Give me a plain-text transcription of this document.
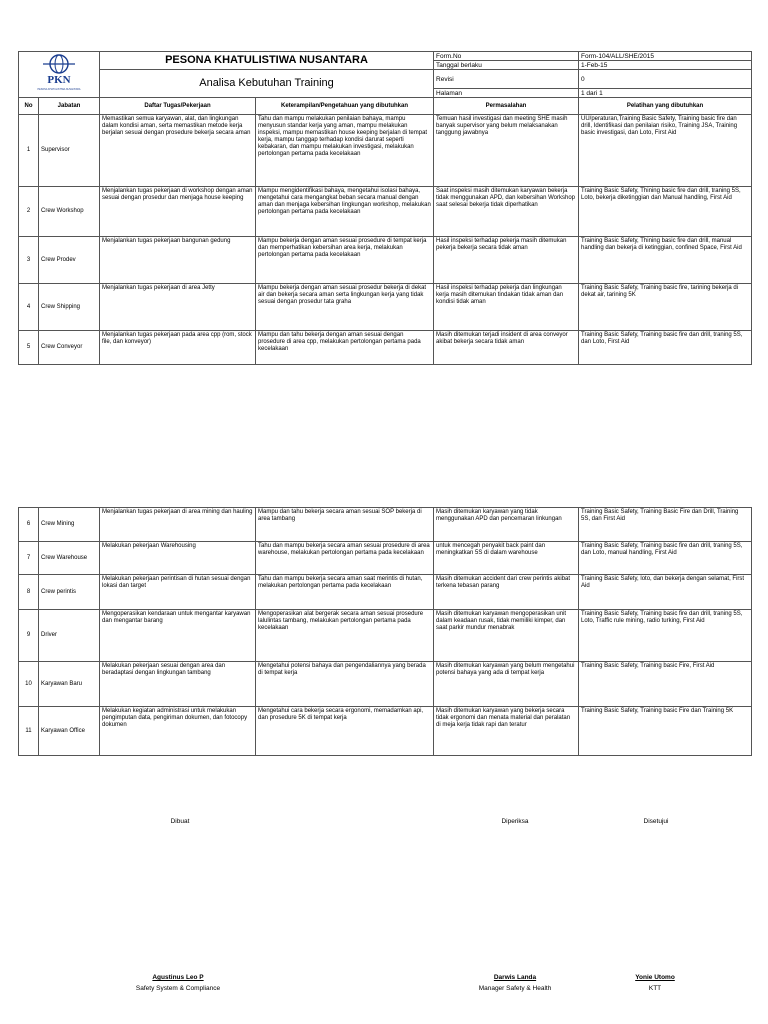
PKN
PESONA KHATULISTIWA NUSANTARA		PESONA KHATULISTIWA NUSANTARA		Form.No	Form-104/ALL/SHE/2015
				Tanggal berlaku	1-Feb-15
		Analisa Kebutuhan Training		Revisi	0
				Halaman	1 dari 1
No	Jabatan	Daftar Tugas/Pekerjaan	Keterampilan/Pengetahuan yang dibutuhkan	Permasalahan	Pelatihan yang dibutuhkan
1	Supervisor	Memastikan semua karyawan, alat, dan lingkungan dalam kondisi aman, serta memastikan metode kerja berjalan sesuai dengan prosedure bekerja secara aman	Tahu dan mampu melakukan penilaian bahaya, mampu menyusun standar kerja yang aman, mampu melakukan inspeksi, mampu memastikan house keeping berjalan di tempat kerja, mampu tanggap terhadap kondisi darurat seperti kebakaran, dan mampu melakukan investigasi, melakukan pertolongan pertama pada kecelakaan	Temuan hasil investigasi dan meeting SHE masih banyak supervisor yang belum melaksanakan tanggung jawabnya	UU/peraturan,Training Basic Safety, Training basic fire dan drill, Identifikasi dan penilaian risiko, Training JSA, Training basic investigasi, dan Loto, First Aid
2	Crew Workshop	Menjalankan tugas pekerjaan di workshop dengan aman sesuai dengan prosedur dan menjaga house keeping	Mampu mengidentifikasi bahaya, mengetahui isolasi bahaya, mengetahui cara mengangkat beban secara manual dengan aman dan menjaga kebersihan lingkungan workshop, melakukan pertolongan pertama pada kecelakaan	Saat inspeksi masih ditemukan karyawan bekerja tidak menggunakan APD, dan kebersihan Workshop saat selesai bekerja tidak diperhatikan	Training Basic Safety, Thining basic fire dan drill, traning 5S, Loto, bekerja diketinggian dan Manual handling, First Aid
3	Crew Prodev	Menjalankan tugas pekerjaan bangunan gedung	Mampu bekerja dengan aman sesuai prosedure di tempat kerja dan memperhatikan kebersihan area kerja, melakukan pertolongan pertama pada kecelakaan	Hasil inspeksi terhadap pekerja masih ditemukan pekerja bekerja secara tidak aman	Training Basic Safety, Thining basic fire dan drill, manual handling dan bekerja di ketinggian, confined Space, First Aid
4	Crew Shipping	Menjalankan tugas pekerjaan di area Jetty	Mampu bekerja dengan aman sesuai prosedur bekerja di dekat air dan bekerja secara aman serta lingkungan kerja yang tidak sesuai dengan prosedur tata graha	Hasil inspeksi terhadap pekerja dan lingkungan kerja masih ditemukan tindakan tidak aman dan kondisi tidak aman	Training Basic Safety, Training basic fire, tarining bekerja di dekat air, tarining 5K
5	Crew Conveyor	Menjalankan tugas pekerjaan pada area cpp (rom, stock file, dan konveyor)	Mampu dan tahu bekerja dengan aman sesuai dengan prosedure di area cpp, melakukan pertolongan pertama pada kecelakaan	Masih ditemukan terjadi insident di area conveyor akibat bekerja secara tidak aman	Training Basic Safety, Training basic fire dan drill, traning 5S, dan Loto, First Aid
6	Crew Mining	Menjalankan tugas pekerjaan di area mining dan hauling	Mampu dan tahu bekerja secara aman sesuai SOP bekerja di area tambang	Masih ditemukan karyawan yang tidak menggunakan APD dan pencemaran linkungan	Training Basic Safety, Training Basic Fire dan Drill, Training 5S, dan First Aid
7	Crew Warehouse	Melakukan pekerjaan Warehousing	Tahu dan mampu bekerja secara aman sesuai prosedure di area warehouse, melakukan pertolongan pertama pada kecelakaan	untuk mencegah penyakit back paint dan meningkatkan 5S di dalam warehouse	Training Basic Safety, Training basic fire dan drill, traning 5S, dan Loto, manual handling, First Aid
8	Crew perintis	Melakukan pekerjaan perintisan di hutan sesuai dengan lokasi dan target	Tahu dan mampu bekerja secara aman saat merintis di hutan, melakukan pertolongan pertama pada kecelakaan	Masih ditemukan accident dari crew perintis akibat terkena tebasan parang	Training Basic Safety, loto, dan bekerja dengan selamat, First Aid
9	Driver	Mengoperasikan kendaraan untuk mengantar karyawan dan mengantar barang	Mengoperasikan alat bergerak secara aman sesuai prosedure lalulintas tambang, melakukan pertolongan pertama pada kecelakaan	Masih ditemukan karyawan mengoperasikan unit dalam keadaan rusak, tidak memiliki kimper, dan saat parkir mundur menabrak	Training Basic Safety, Training basic fire dan drill, traning 5S, Loto, Traffic rule mining, radio turking, First Aid
10	Karyawan Baru	Melakukan pekerjaan sesuai dengan area dan beradaptasi dengan lingkungan tambang	Mengetahui potensi bahaya dan pengendaliannya yang berada di tempat kerja	Masih ditemukan karyawan yang belum mengetahui potensi bahaya yang ada di tempat kerja	Training Basic Safety, Training basic Fire, First Aid
11	Karyawan Office	Melakukan kegiatan administrasi untuk melakukan pengimputan data, pengiriman dokumen, dan fotocopy dokumen	Mengetahui cara bekerja secara ergonomi, memadamkan api, dan prosedure 5K di tempat kerja	Masih ditemukan karyawan yang bekerja secara tidak ergonomi dan menata material dan peralatan di meja kerja tidak rapi dan teratur	Training Basic Safety, Training basic Fire dan Training 5K
Dibuat	Diperiksa	Disetujui
Agustinus Leo P
Safety System & Compliance
Darwis Landa
Manager Safety & Health
Yonie Utomo
KTT
